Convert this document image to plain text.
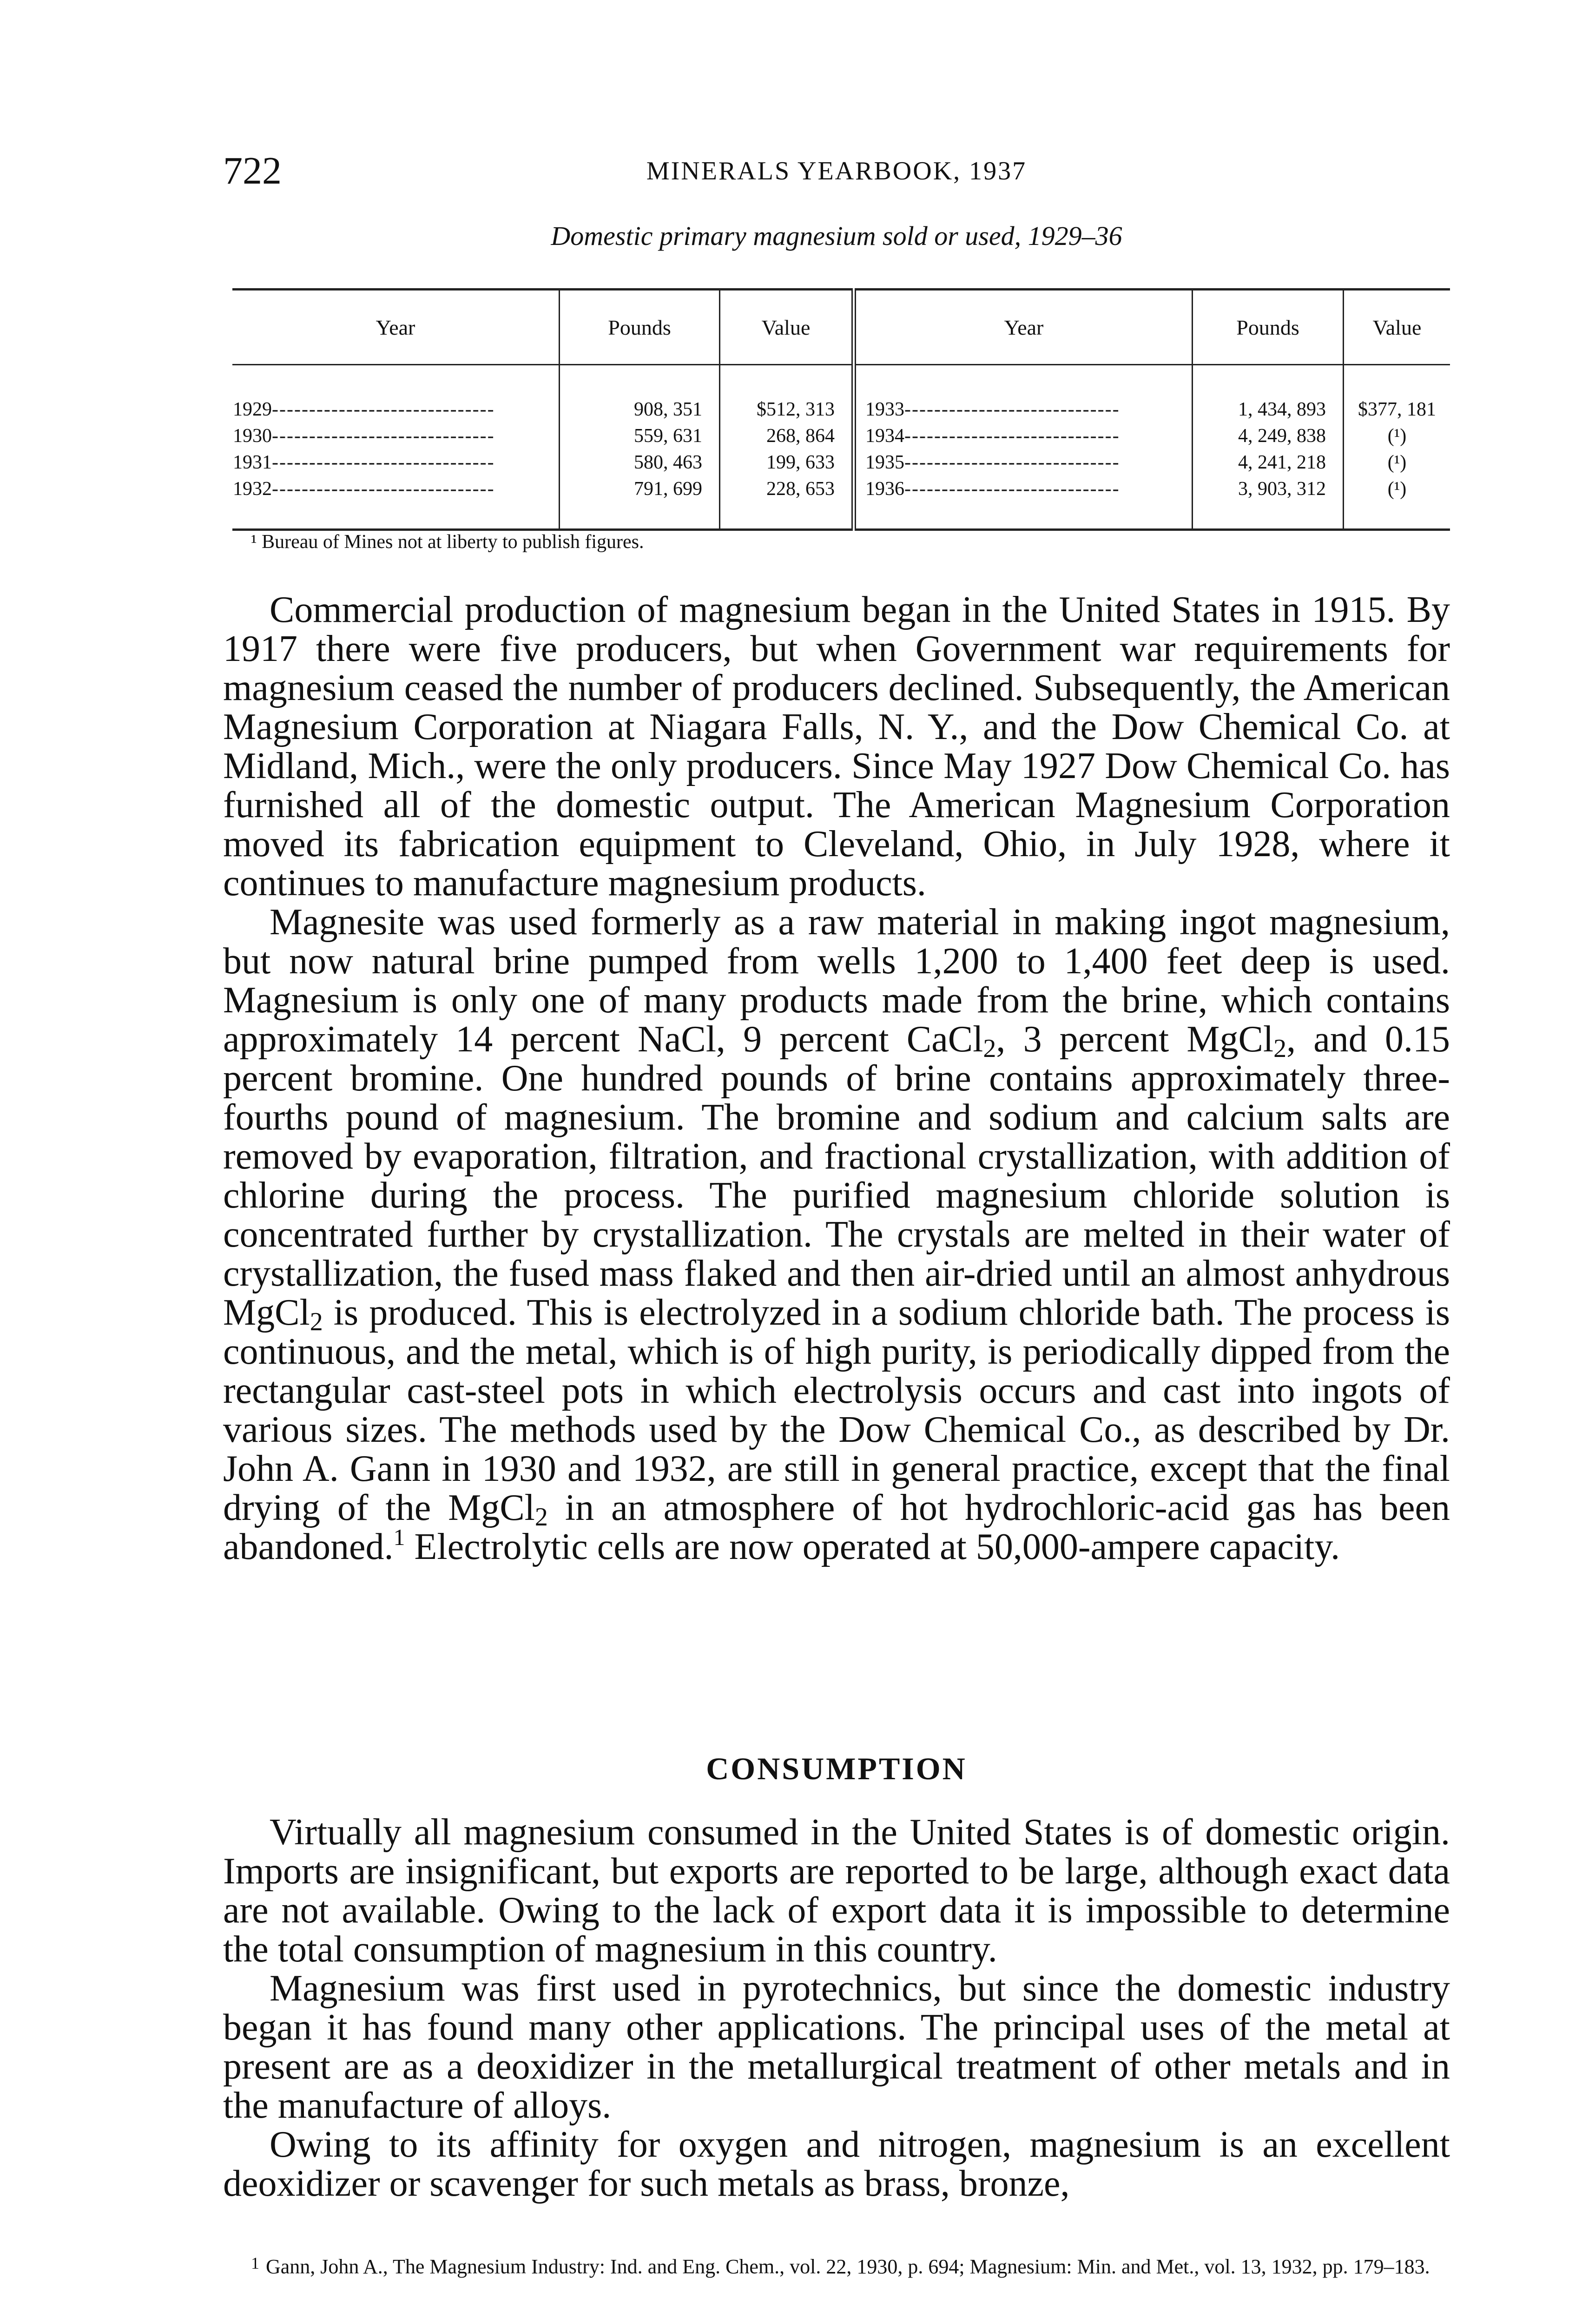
722	MINERALS YEARBOOK, 1937
Domestic primary magnesium sold or used, 1929–36
Year	Pounds	Value	Year	Pounds	Value
1929------------------------------	908, 351	$512, 313	1933-----------------------------	1, 434, 893	$377, 181
1930------------------------------	559, 631	268, 864	1934-----------------------------	4, 249, 838	(¹)
1931------------------------------	580, 463	199, 633	1935-----------------------------	4, 241, 218	(¹)
1932------------------------------	791, 699	228, 653	1936-----------------------------	3, 903, 312	(¹)
¹ Bureau of Mines not at liberty to publish figures.

Commercial production of magnesium began in the United States in 1915. By 1917 there were five producers, but when Government war requirements for magnesium ceased the number of producers declined. Subsequently, the American Magnesium Corporation at Niagara Falls, N. Y., and the Dow Chemical Co. at Midland, Mich., were the only producers. Since May 1927 Dow Chemical Co. has furnished all of the domestic output. The American Magnesium Corporation moved its fabrication equipment to Cleveland, Ohio, in July 1928, where it continues to manufacture magnesium products.

Magnesite was used formerly as a raw material in making ingot magnesium, but now natural brine pumped from wells 1,200 to 1,400 feet deep is used. Magnesium is only one of many products made from the brine, which contains approximately 14 percent NaCl, 9 percent CaCl$_2$, 3 percent MgCl$_2$, and 0.15 percent bromine. One hundred pounds of brine contains approximately three-fourths pound of magnesium. The bromine and sodium and calcium salts are removed by evaporation, filtration, and fractional crystallization, with addition of chlorine during the process. The purified magnesium chloride solution is concentrated further by crystallization. The crystals are melted in their water of crystallization, the fused mass flaked and then air-dried until an almost anhydrous MgCl$_2$ is produced. This is electrolyzed in a sodium chloride bath. The process is continuous, and the metal, which is of high purity, is periodically dipped from the rectangular cast-steel pots in which electrolysis occurs and cast into ingots of various sizes. The methods used by the Dow Chemical Co., as described by Dr. John A. Gann in 1930 and 1932, are still in general practice, except that the final drying of the MgCl$_2$ in an atmosphere of hot hydrochloric-acid gas has been abandoned.$^1$ Electrolytic cells are now operated at 50,000-ampere capacity.

CONSUMPTION

Virtually all magnesium consumed in the United States is of domestic origin. Imports are insignificant, but exports are reported to be large, although exact data are not available. Owing to the lack of export data it is impossible to determine the total consumption of magnesium in this country.

Magnesium was first used in pyrotechnics, but since the domestic industry began it has found many other applications. The principal uses of the metal at present are as a deoxidizer in the metallurgical treatment of other metals and in the manufacture of alloys.

Owing to its affinity for oxygen and nitrogen, magnesium is an excellent deoxidizer or scavenger for such metals as brass, bronze,

$^1$ Gann, John A., The Magnesium Industry: Ind. and Eng. Chem., vol. 22, 1930, p. 694; Magnesium: Min. and Met., vol. 13, 1932, pp. 179–183.
